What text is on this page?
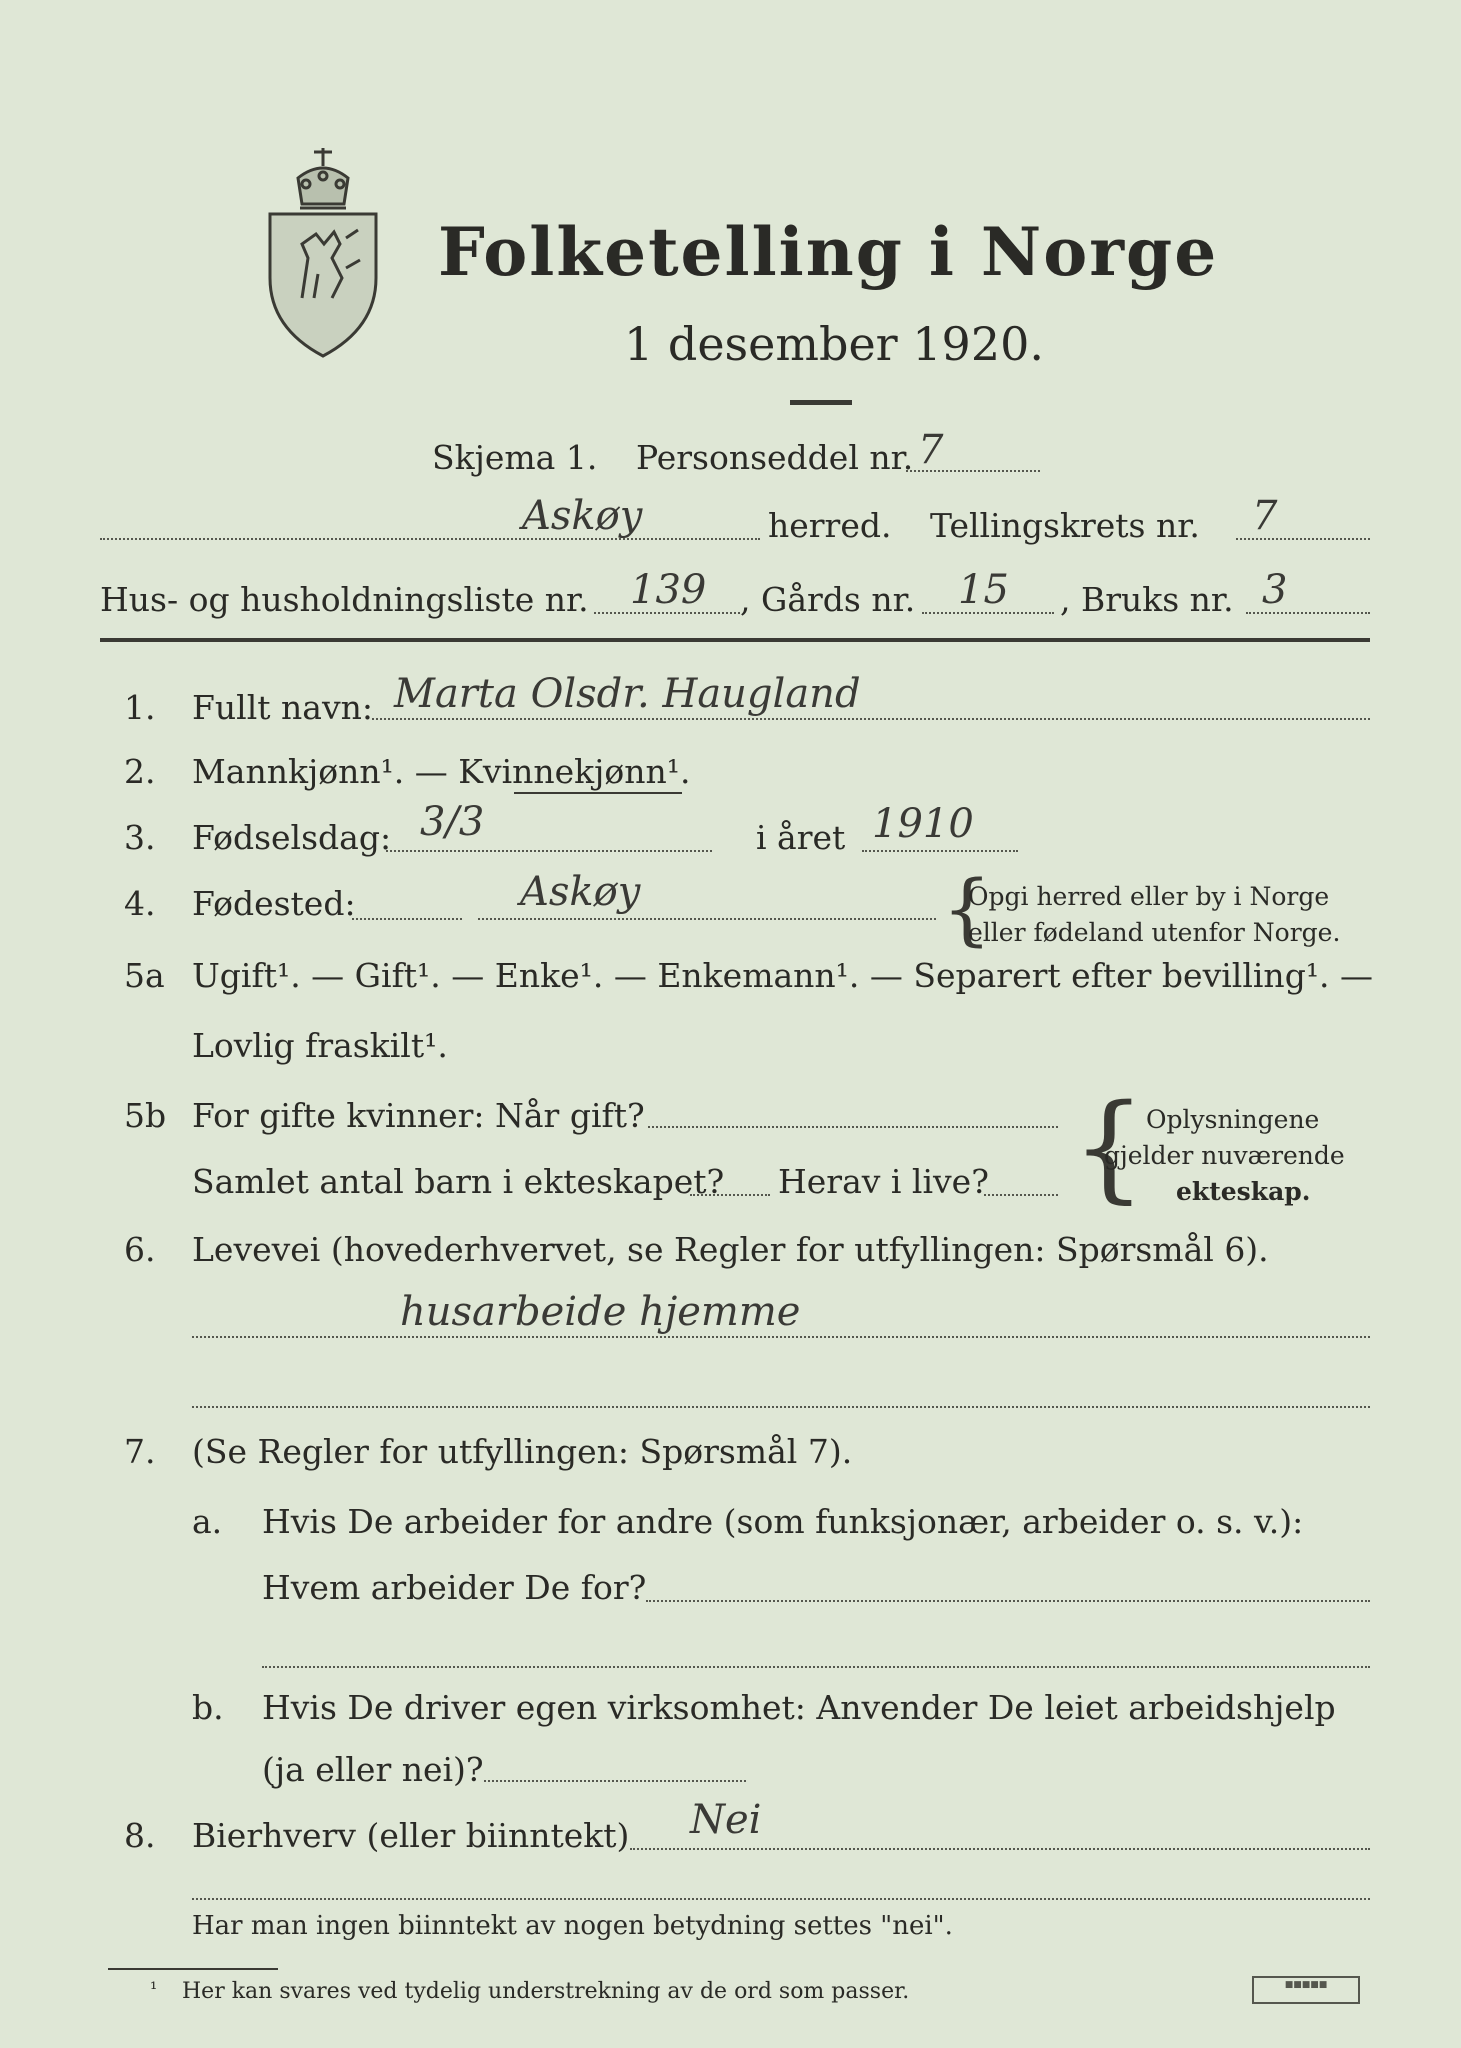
Folketelling i Norge
1 desember 1920.
Skjema 1. Personseddel nr. 7
Askøy	herred. Tellingskrets nr. 7
Hus- og husholdningsliste nr. 139 , Gårds nr. 15 , Bruks nr. 3
1. Fullt navn: Marta Olsdr. Haugland
2. Mannkjønn¹. — Kvinnekjønn¹.
3. Fødselsdag: 3/3	i året 1910
4. Fødested:	Askøy	{
Opgi herred eller by i Norge
eller fødeland utenfor Norge.
5a Ugift¹. — Gift¹. — Enke¹. — Enkemann¹. — Separert efter bevilling¹. —
Lovlig fraskilt¹.
5b For gifte kvinner: Når gift?
Samlet antal barn i ekteskapet? Herav i live? { Oplysningene
gjelder nuværende
ekteskap.
6. Levevei (hovederhvervet, se Regler for utfyllingen: Spørsmål 6).
husarbeide hjemme
7. (Se Regler for utfyllingen: Spørsmål 7).
a. Hvis De arbeider for andre (som funksjonær, arbeider o. s. v.):
Hvem arbeider De for?
b. Hvis De driver egen virksomhet: Anvender De leiet arbeidshjelp
(ja eller nei)?
8. Bierhverv (eller biinntekt) Nei
Har man ingen biinntekt av nogen betydning settes "nei".
¹ Her kan svares ved tydelig understrekning av de ord som passer.	■■■■■
